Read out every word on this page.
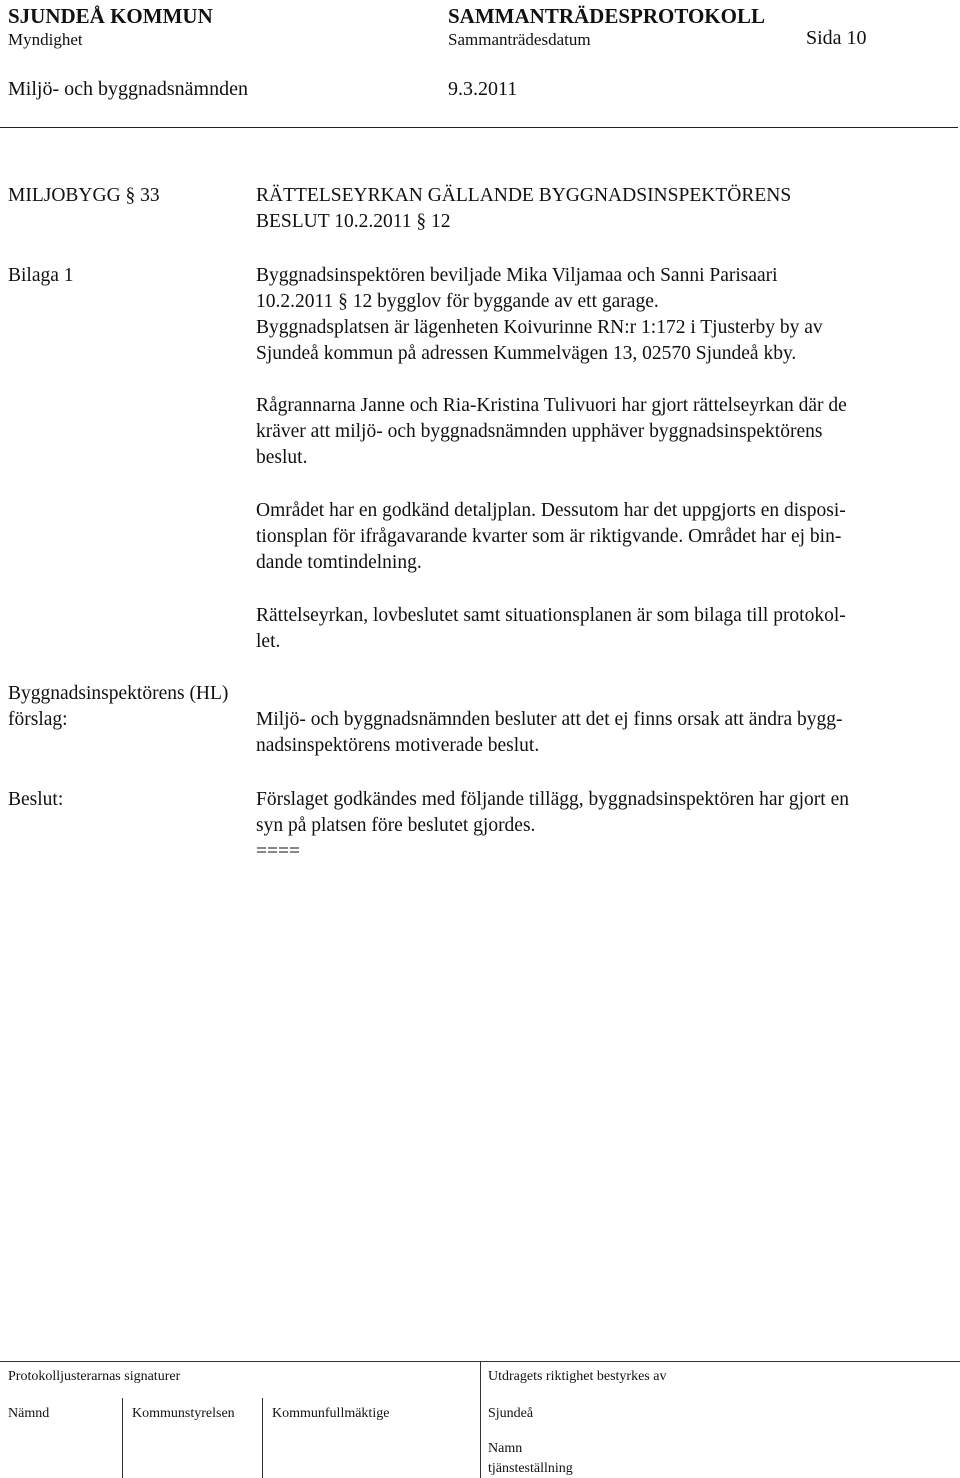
SJUNDEÅ KOMMUN	SAMMANTRÄDESPROTOKOLL
Myndighet	Sammanträdesdatum	Sida 10
Miljö- och byggnadsnämnden	9.3.2011
MILJOBYGG § 33	RÄTTELSEYRKAN GÄLLANDE BYGGNADSINSPEKTÖRENS
BESLUT 10.2.2011 § 12
Bilaga 1	Byggnadsinspektören beviljade Mika Viljamaa och Sanni Parisaari
10.2.2011 § 12 bygglov för byggande av ett garage.
Byggnadsplatsen är lägenheten Koivurinne RN:r 1:172 i Tjusterby by av
Sjundeå kommun på adressen Kummelvägen 13, 02570 Sjundeå kby.
Rågrannarna Janne och Ria-Kristina Tulivuori har gjort rättelseyrkan där de
kräver att miljö- och byggnadsnämnden upphäver byggnadsinspektörens
beslut.
Området har en godkänd detaljplan. Dessutom har det uppgjorts en disposi-
tionsplan för ifrågavarande kvarter som är riktigvande. Området har ej bin-
dande tomtindelning.
Rättelseyrkan, lovbeslutet samt situationsplanen är som bilaga till protokol-
let.
Byggnadsinspektörens (HL)
förslag:	Miljö- och byggnadsnämnden besluter att det ej finns orsak att ändra bygg-
nadsinspektörens motiverade beslut.
Beslut:	Förslaget godkändes med följande tillägg, byggnadsinspektören har gjort en
syn på platsen före beslutet gjordes.
====
Protokolljusterarnas signaturer	Utdragets riktighet bestyrkes av
Nämnd	Kommunstyrelsen	Kommunfullmäktige	Sjundeå
Namn
tjänsteställning
